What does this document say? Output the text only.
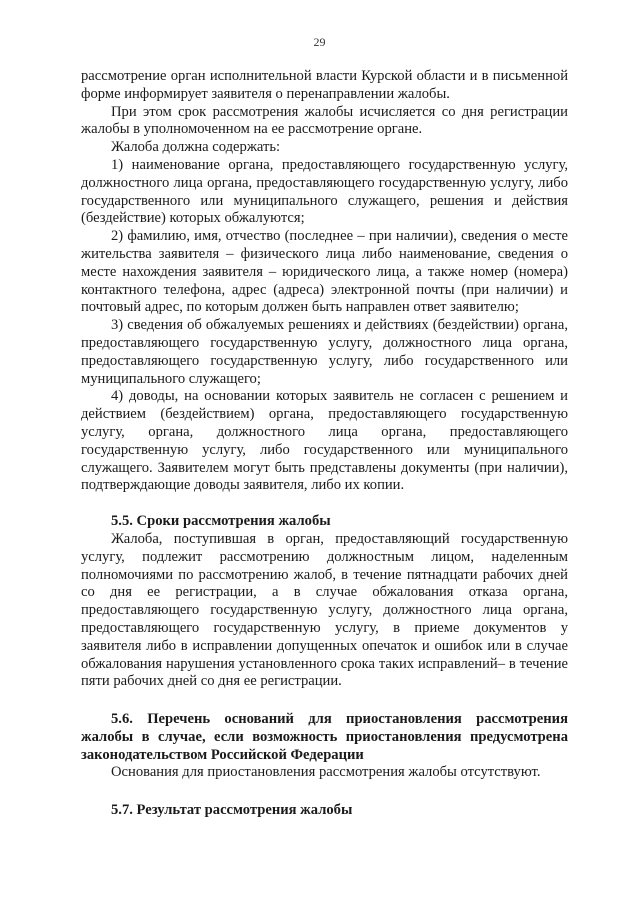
29

рассмотрение орган исполнительной власти Курской области и в письменной форме информирует заявителя о перенаправлении жалобы.

При этом срок рассмотрения жалобы исчисляется со дня регистрации жалобы в уполномоченном на ее рассмотрение органе.

Жалоба должна содержать:

1) наименование органа, предоставляющего государственную услугу, должностного лица органа, предоставляющего государственную услугу, либо государственного или муниципального служащего, решения и действия (бездействие) которых обжалуются;

2) фамилию, имя, отчество (последнее – при наличии), сведения о месте жительства заявителя – физического лица либо наименование, сведения о месте нахождения заявителя – юридического лица, а также номер (номера) контактного телефона, адрес (адреса) электронной почты (при наличии) и почтовый адрес, по которым должен быть направлен ответ заявителю;

3) сведения об обжалуемых решениях и действиях (бездействии) органа, предоставляющего государственную услугу, должностного лица органа, предоставляющего государственную услугу, либо государственного или муниципального служащего;

4) доводы, на основании которых заявитель не согласен с решением и действием (бездействием) органа, предоставляющего государственную услугу, органа, должностного лица органа, предоставляющего государственную услугу, либо государственного или муниципального служащего. Заявителем могут быть представлены документы (при наличии), подтверждающие доводы заявителя, либо их копии.

5.5. Сроки рассмотрения жалобы

Жалоба, поступившая в орган, предоставляющий государственную услугу, подлежит рассмотрению должностным лицом, наделенным полномочиями по рассмотрению жалоб, в течение пятнадцати рабочих дней со дня ее регистрации, а в случае обжалования отказа органа, предоставляющего государственную услугу, должностного лица органа, предоставляющего государственную услугу, в приеме документов у заявителя либо в исправлении допущенных опечаток и ошибок или в случае обжалования нарушения установленного срока таких исправлений– в течение пяти рабочих дней со дня ее регистрации.

5.6. Перечень оснований для приостановления рассмотрения жалобы в случае, если возможность приостановления предусмотрена законодательством Российской Федерации

Основания для приостановления рассмотрения жалобы отсутствуют.

5.7. Результат рассмотрения жалобы
